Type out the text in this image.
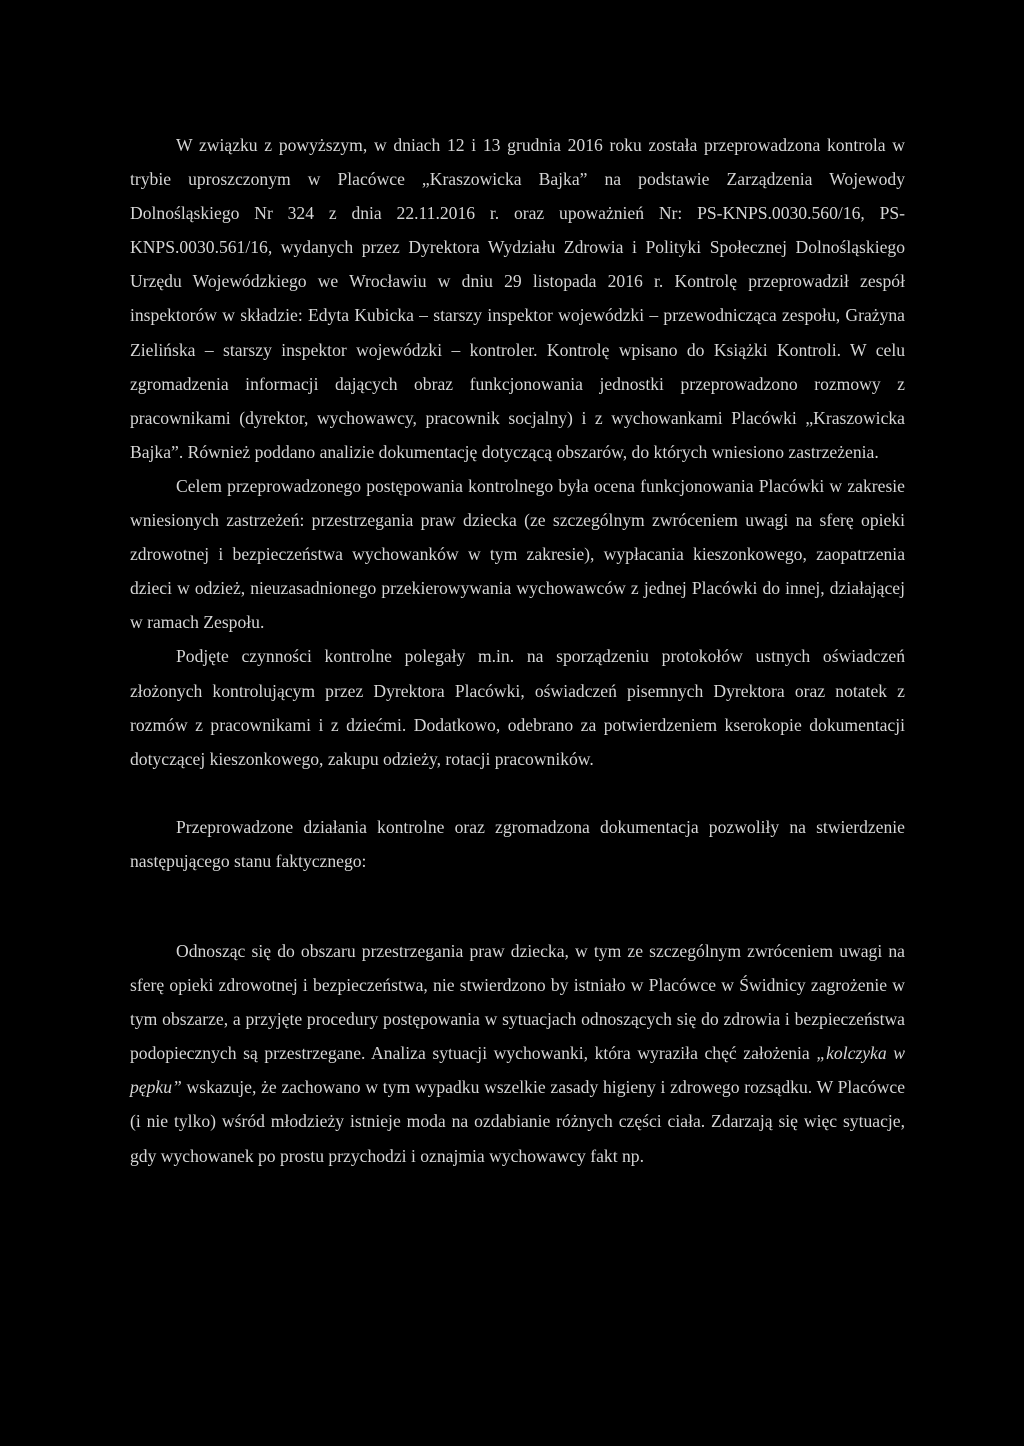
W związku z powyższym, w dniach 12 i 13 grudnia 2016 roku została przeprowadzona kontrola w trybie uproszczonym w Placówce „Kraszowicka Bajka” na podstawie Zarządzenia Wojewody Dolnośląskiego Nr 324 z dnia 22.11.2016 r. oraz upoważnień Nr: PS-KNPS.0030.560/16, PS-KNPS.0030.561/16, wydanych przez Dyrektora Wydziału Zdrowia i Polityki Społecznej Dolnośląskiego Urzędu Wojewódzkiego we Wrocławiu w dniu 29 listopada 2016 r. Kontrolę przeprowadził zespół inspektorów w składzie: Edyta Kubicka – starszy inspektor wojewódzki – przewodnicząca zespołu, Grażyna Zielińska – starszy inspektor wojewódzki – kontroler. Kontrolę wpisano do Książki Kontroli. W celu zgromadzenia informacji dających obraz funkcjonowania jednostki przeprowadzono rozmowy z pracownikami (dyrektor, wychowawcy, pracownik socjalny) i z wychowankami Placówki „Kraszowicka Bajka”. Również poddano analizie dokumentację dotyczącą obszarów, do których wniesiono zastrzeżenia.

Celem przeprowadzonego postępowania kontrolnego była ocena funkcjonowania Placówki w zakresie wniesionych zastrzeżeń: przestrzegania praw dziecka (ze szczególnym zwróceniem uwagi na sferę opieki zdrowotnej i bezpieczeństwa wychowanków w tym zakresie), wypłacania kieszonkowego, zaopatrzenia dzieci w odzież, nieuzasadnionego przekierowywania wychowawców z jednej Placówki do innej, działającej w ramach Zespołu.

Podjęte czynności kontrolne polegały m.in. na sporządzeniu protokołów ustnych oświadczeń złożonych kontrolującym przez Dyrektora Placówki, oświadczeń pisemnych Dyrektora oraz notatek z rozmów z pracownikami i z dziećmi. Dodatkowo, odebrano za potwierdzeniem kserokopie dokumentacji dotyczącej kieszonkowego, zakupu odzieży, rotacji pracowników.

Przeprowadzone działania kontrolne oraz zgromadzona dokumentacja pozwoliły na stwierdzenie następującego stanu faktycznego:

Odnosząc się do obszaru przestrzegania praw dziecka, w tym ze szczególnym zwróceniem uwagi na sferę opieki zdrowotnej i bezpieczeństwa, nie stwierdzono by istniało w Placówce w Świdnicy zagrożenie w tym obszarze, a przyjęte procedury postępowania w sytuacjach odnoszących się do zdrowia i bezpieczeństwa podopiecznych są przestrzegane. Analiza sytuacji wychowanki, która wyraziła chęć założenia „kolczyka w pępku” wskazuje, że zachowano w tym wypadku wszelkie zasady higieny i zdrowego rozsądku. W Placówce (i nie tylko) wśród młodzieży istnieje moda na ozdabianie różnych części ciała. Zdarzają się więc sytuacje, gdy wychowanek po prostu przychodzi i oznajmia wychowawcy fakt np.
